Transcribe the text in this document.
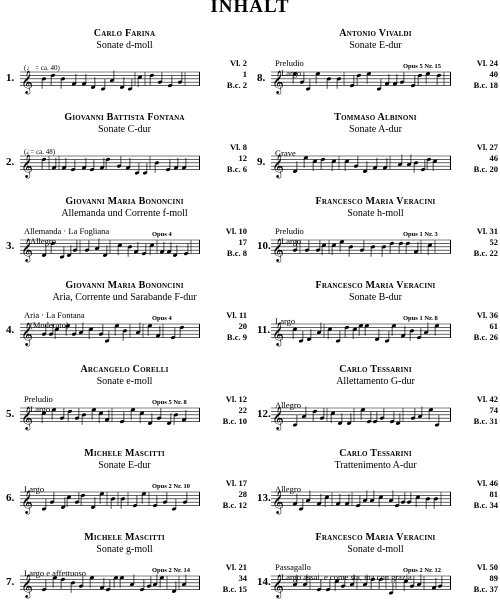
INHALT
Carlo Farina
Sonate d-moll
1. 𝄞
(♩ = ca. 40)	Vl. 2
1
B.c. 2
Giovanni Battista Fontana
Sonate C-dur
2. 𝄞
(𝅗𝅥 = ca. 48)	Vl. 8
12
B.c. 6
Giovanni Maria Bononcini
Allemanda und Corrente f-moll
3. 𝄞
Allemanda · La Fogliana
Allegro
Opus 4	Vl. 10
17
B.c. 8
Giovanni Maria Bononcini
Aria, Corrente und Sarabande F-dur
4. 𝄞
Aria · La Fontana
(Moderato)
Opus 4	Vl. 11
20
B.c. 9
Arcangelo Corelli
Sonate e-moll
5. 𝄞
Preludio
Largo
Opus 5 Nr. 8	Vl. 12
22
B.c. 10
Michele Mascitti
Sonate E-dur
6. 𝄞
Largo	Opus 2 Nr. 10	Vl. 17
28
B.c. 12
Michele Mascitti
Sonate g-moll
7. 𝄞
Largo e affettuoso	Opus 2 Nr. 14	Vl. 21
34
B.c. 15
Antonio Vivaldi
Sonate E-dur
8. 𝄞
Preludio
Largo
Opus 5 Nr. 15	Vl. 24
40
B.c. 18
Tommaso Albinoni
Sonate A-dur
9. 𝄞
Grave
Vl. 27
46
B.c. 20
Francesco Maria Veracini
Sonate h-moll
10. 𝄞
Preludio
Largo
Opus 1 Nr. 3	Vl. 31
52
B.c. 22
Francesco Maria Veracini
Sonate B-dur
11. 𝄞
Largo	Opus 1 Nr. 8	Vl. 36
61
B.c. 26
Carlo Tessarini
Allettamento G-dur
12. 𝄞
Allegro
Vl. 42
74
B.c. 31
Carlo Tessarini
Trattenimento A-dur
13. 𝄞
Allegro
Vl. 46
81
B.c. 34
Francesco Maria Veracini
Sonate d-moll
14. 𝄞
Passagallo
Largo assai, e come sta, ma con grazia
Opus 2 Nr. 12	Vl. 50
89
B.c. 37
